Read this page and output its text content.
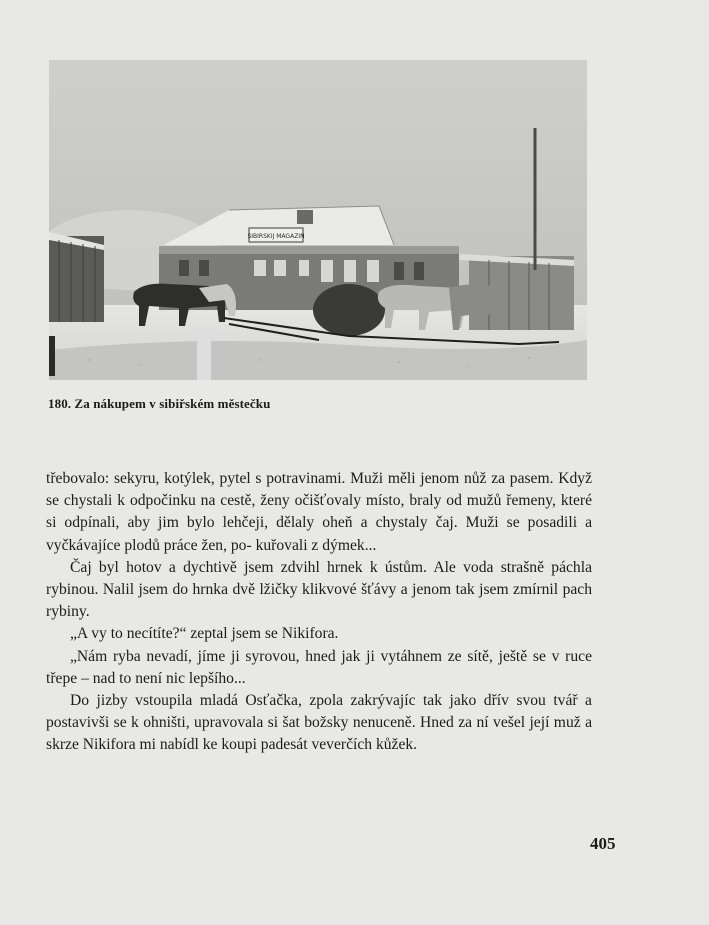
SIBIRSKIJ MAGAZIN
180. Za nákupem v sibiřském městečku

třebovalo: sekyru, kotýlek, pytel s potravinami. Muži měli jenom nůž za pasem. Když se chystali k odpočinku na cestě, ženy očišťovaly místo, braly od mužů řemeny, které si odpínali, aby jim bylo lehčeji, dělaly oheň a chystaly čaj. Muži se posadili a vyčkávajíce plodů práce žen, po- kuřovali z dýmek...

Čaj byl hotov a dychtivě jsem zdvihl hrnek k ústům. Ale voda strašně páchla rybinou. Nalil jsem do hrnka dvě lžičky klikvové šťávy a jenom tak jsem zmírnil pach rybiny.

„A vy to necítíte?“ zeptal jsem se Nikifora.

„Nám ryba nevadí, jíme ji syrovou, hned jak ji vytáhnem ze sítě, ještě se v ruce třepe – nad to není nic lepšího...

Do jizby vstoupila mladá Osťačka, zpola zakrývajíc tak jako dřív svou tvář a postavivši se k ohništi, upravovala si šat božsky nenuceně. Hned za ní vešel její muž a skrze Nikifora mi nabídl ke koupi padesát veverčích kůžek.

405
